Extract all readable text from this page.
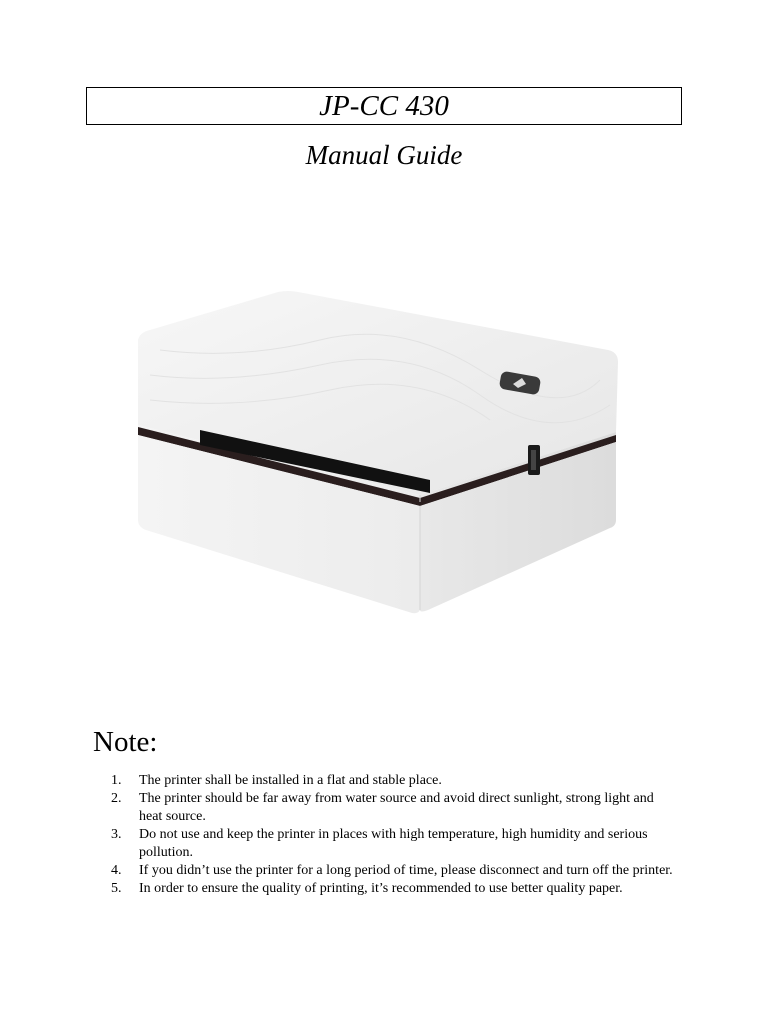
JP-CC 430
Manual Guide
Note:
1.	The printer shall be installed in a flat and stable place.
2.	The printer should be far away from water source and avoid direct sunlight, strong light and heat source.
3.	Do not use and keep the printer in places with high temperature, high humidity and serious pollution.
4.	If you didn’t use the printer for a long period of time, please disconnect and turn off the printer.
5.	In order to ensure the quality of printing, it’s recommended to use better quality paper.
